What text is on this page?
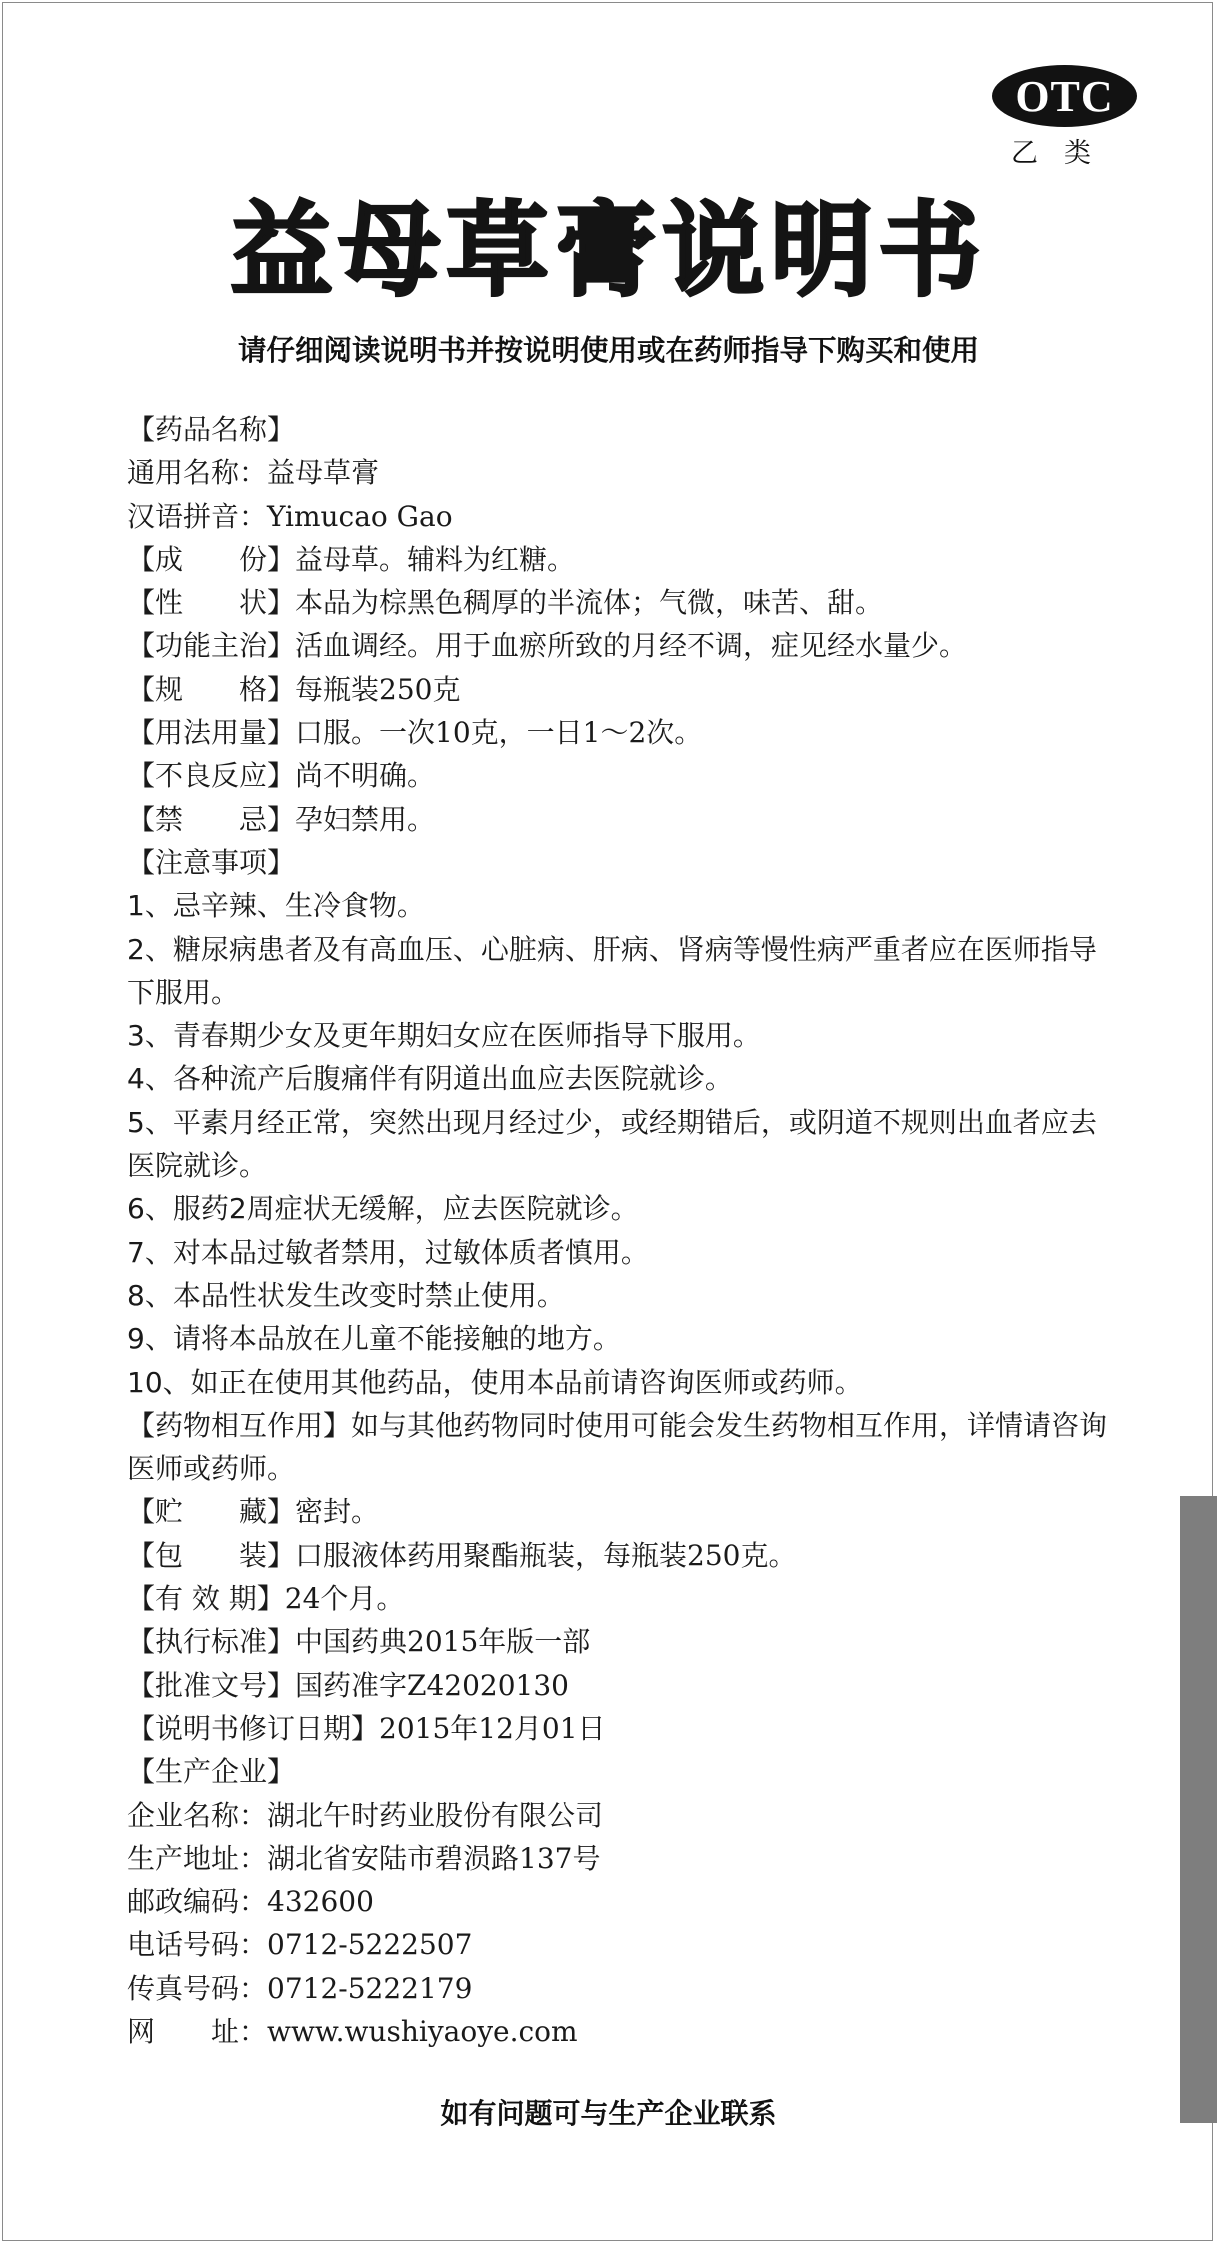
OTC
乙类
益母草膏说明书
请仔细阅读说明书并按说明使用或在药师指导下购买和使用
【药品名称】
通用名称：益母草膏
汉语拼音：Yimucao Gao
【成　　份】益母草。辅料为红糖。
【性　　状】本品为棕黑色稠厚的半流体；气微，味苦、甜。
【功能主治】活血调经。用于血瘀所致的月经不调，症见经水量少。
【规　　格】每瓶装250克
【用法用量】口服。一次10克，一日1～2次。
【不良反应】尚不明确。
【禁　　忌】孕妇禁用。
【注意事项】
1、忌辛辣、生冷食物。
2、糖尿病患者及有高血压、心脏病、肝病、肾病等慢性病严重者应在医师指导下服用。
3、青春期少女及更年期妇女应在医师指导下服用。
4、各种流产后腹痛伴有阴道出血应去医院就诊。
5、平素月经正常，突然出现月经过少，或经期错后，或阴道不规则出血者应去医院就诊。
6、服药2周症状无缓解，应去医院就诊。
7、对本品过敏者禁用，过敏体质者慎用。
8、本品性状发生改变时禁止使用。
9、请将本品放在儿童不能接触的地方。
10、如正在使用其他药品，使用本品前请咨询医师或药师。
【药物相互作用】如与其他药物同时使用可能会发生药物相互作用，详情请咨询医师或药师。
【贮　　藏】密封。
【包　　装】口服液体药用聚酯瓶装，每瓶装250克。
【有 效 期】24个月。
【执行标准】中国药典2015年版一部
【批准文号】国药准字Z42020130
【说明书修订日期】2015年12月01日
【生产企业】
企业名称：湖北午时药业股份有限公司
生产地址：湖北省安陆市碧涢路137号
邮政编码：432600
电话号码：0712-5222507
传真号码：0712-5222179
网　　址：www.wushiyaoye.com
如有问题可与生产企业联系
